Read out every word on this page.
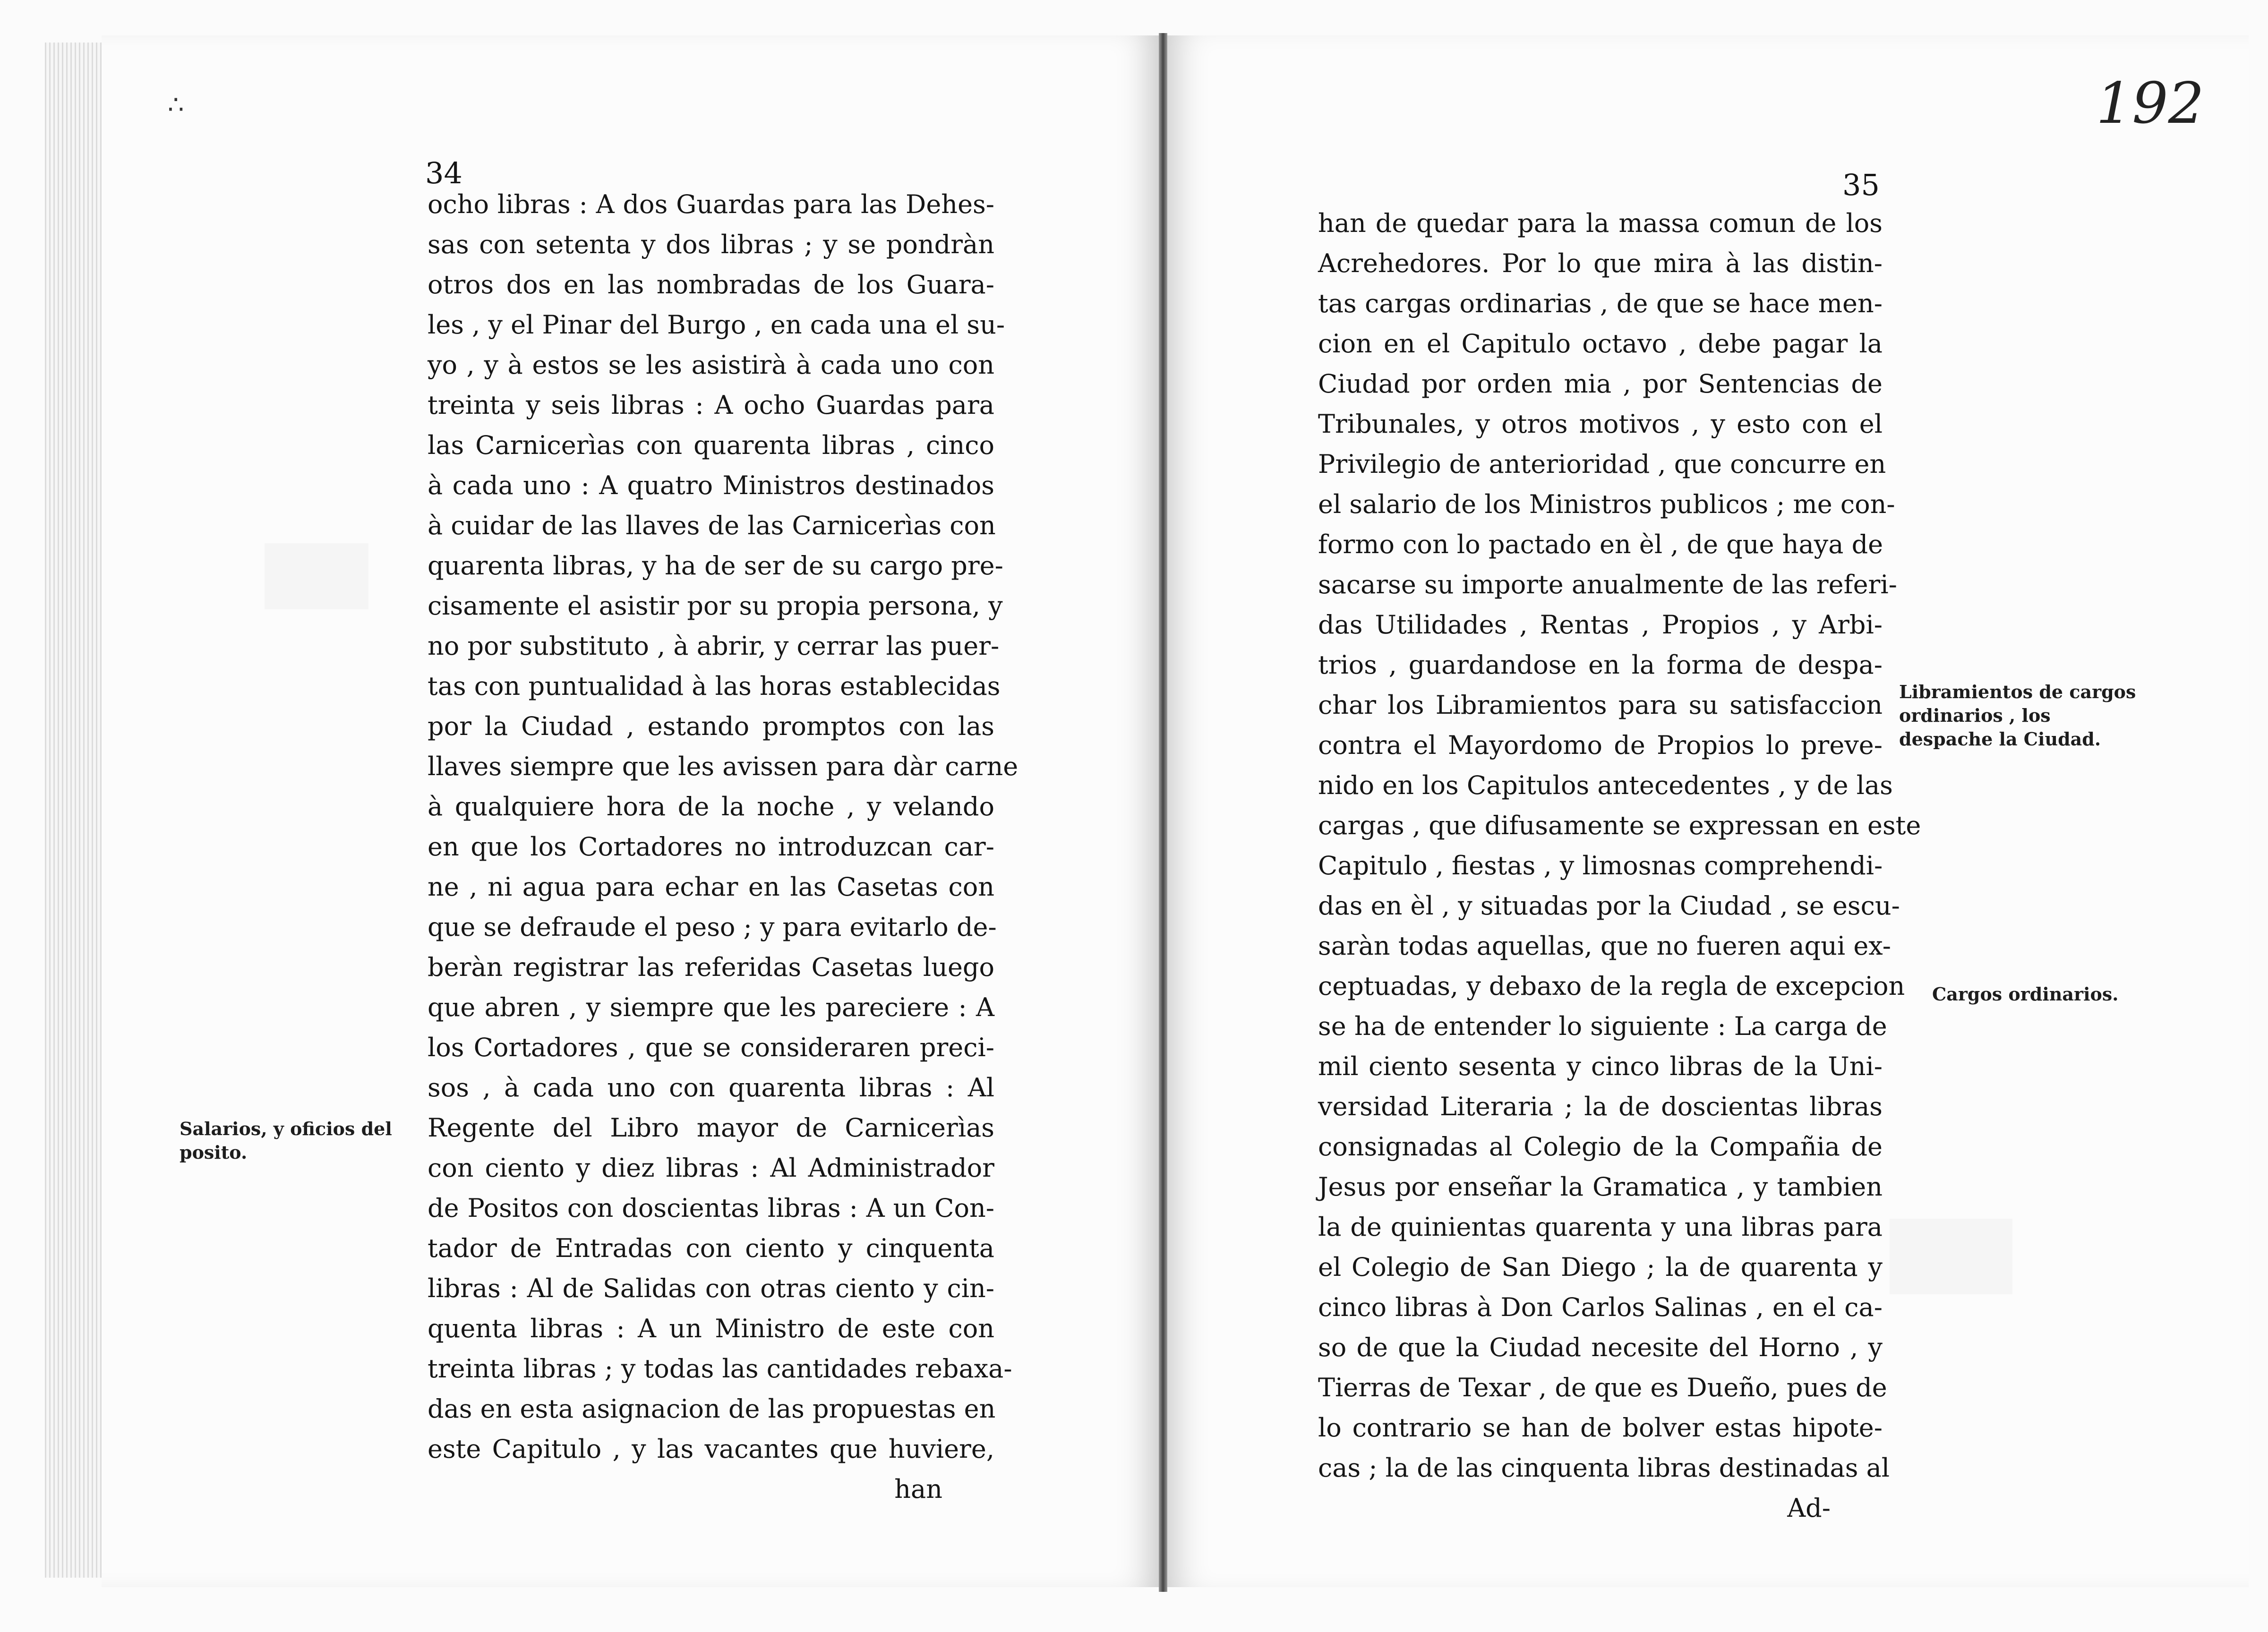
∴	192
34
ocho libras : A dos Guardas para las Dehes-
sas con setenta y dos libras ; y se pondràn
otros dos en las nombradas de los Guara-
les , y el Pinar del Burgo , en cada una el su-
yo , y à estos se les asistirà à cada uno con
treinta y seis libras : A ocho Guardas para
las Carnicerìas con quarenta libras , cinco
à cada uno : A quatro Ministros destinados
à cuidar de las llaves de las Carnicerìas con
quarenta libras, y ha de ser de su cargo pre-
cisamente el asistir por su propia persona, y
no por substituto , à abrir, y cerrar las puer-
tas con puntualidad à las horas establecidas
por la Ciudad , estando promptos con las
llaves siempre que les avissen para dàr carne
à qualquiere hora de la noche , y velando
en que los Cortadores no introduzcan car-
ne , ni agua para echar en las Casetas con
que se defraude el peso ; y para evitarlo de-
beràn registrar las referidas Casetas luego
que abren , y siempre que les pareciere : A
los Cortadores , que se consideraren preci-
sos , à cada uno con quarenta libras : Al
Regente del Libro mayor de Carnicerìas
con ciento y diez libras : Al Administrador
de Positos con doscientas libras : A un Con-
tador de Entradas con ciento y cinquenta
libras : Al de Salidas con otras ciento y cin-
quenta libras : A un Ministro de este con
treinta libras ; y todas las cantidades rebaxa-
das en esta asignacion de las propuestas en
este Capitulo , y las vacantes que huviere,
han
Salarios, y oficios del posito.
35
han de quedar para la massa comun de los
Acrehedores. Por lo que mira à las distin-
tas cargas ordinarias , de que se hace men-
cion en el Capitulo octavo , debe pagar la
Ciudad por orden mia , por Sentencias de
Tribunales, y otros motivos , y esto con el
Privilegio de anterioridad , que concurre en
el salario de los Ministros publicos ; me con-
formo con lo pactado en èl , de que haya de
sacarse su importe anualmente de las referi-
das Utilidades , Rentas , Propios , y Arbi-
trios , guardandose en la forma de despa-
char los Libramientos para su satisfaccion
contra el Mayordomo de Propios lo preve-
nido en los Capitulos antecedentes , y de las
cargas , que difusamente se expressan en este
Capitulo , fiestas , y limosnas comprehendi-
das en èl , y situadas por la Ciudad , se escu-
saràn todas aquellas, que no fueren aqui ex-
ceptuadas, y debaxo de la regla de excepcion
se ha de entender lo siguiente : La carga de
mil ciento sesenta y cinco libras de la Uni-
versidad Literaria ; la de doscientas libras
consignadas al Colegio de la Compañia de
Jesus por enseñar la Gramatica , y tambien
la de quinientas quarenta y una libras para
el Colegio de San Diego ; la de quarenta y
cinco libras à Don Carlos Salinas , en el ca-
so de que la Ciudad necesite del Horno , y
Tierras de Texar , de que es Dueño, pues de
lo contrario se han de bolver estas hipote-
cas ; la de las cinquenta libras destinadas al
Ad-
Libramientos de cargos ordinarios , los despache la Ciudad.
Cargos ordinarios.
